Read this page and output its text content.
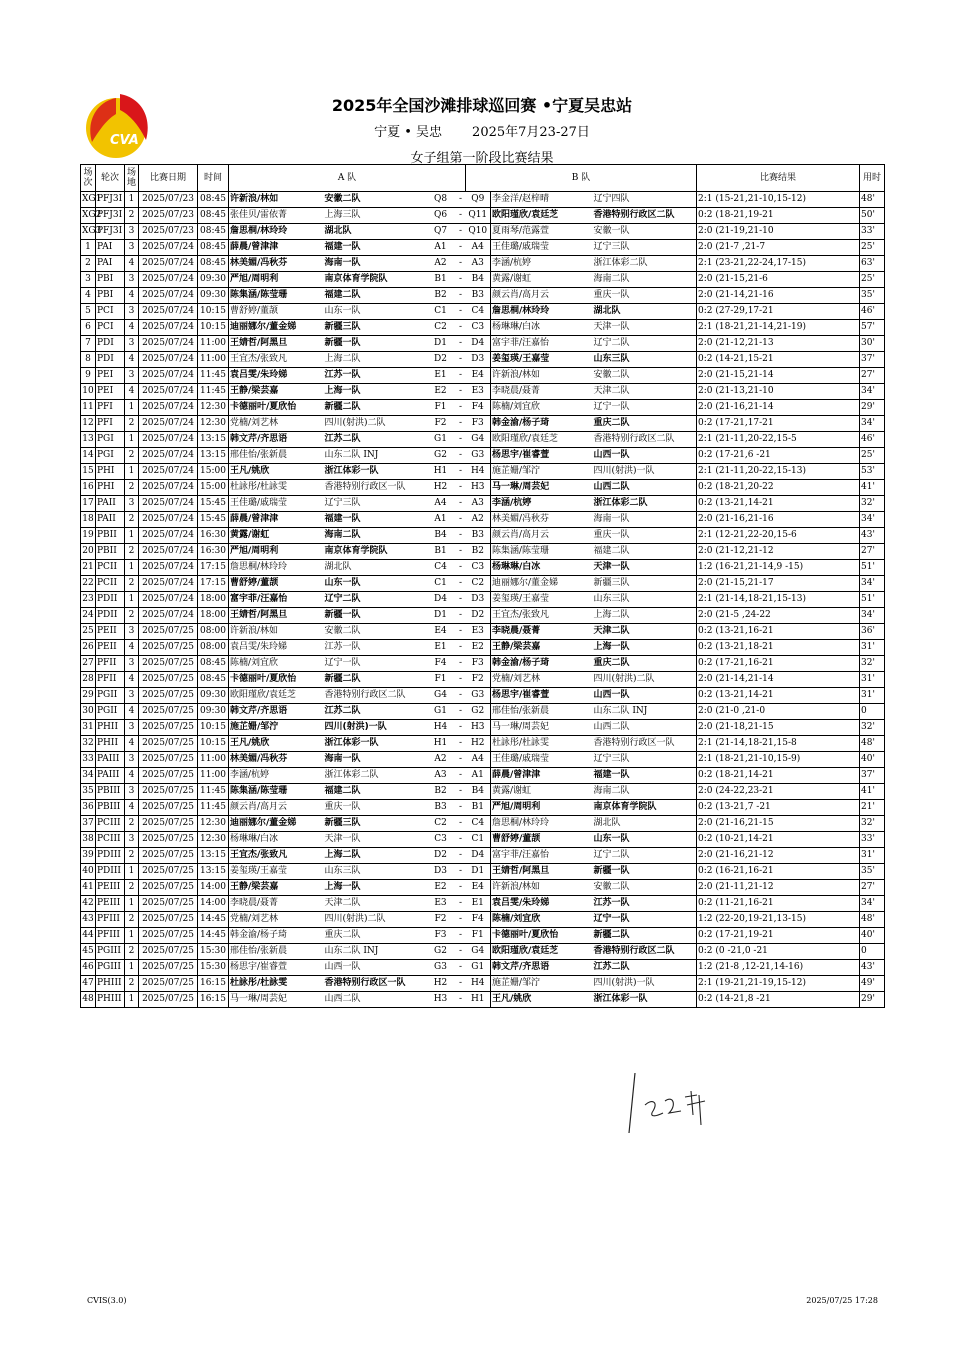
CVA
2025年全国沙滩排球巡回赛 •宁夏吴忠站
宁夏 • 吴忠 2025年7月23-27日
女子组第一阶段比赛结果
场次	轮次	场地	比赛日期	时间	A 队				B 队			比赛结果	用时
XG1	PFJ3I	1	2025/07/23	08:45	许新浪/林如	安徽二队	Q8	-	Q9	李金洋/赵梓晴	辽宁四队	2:1 (15-21,21-10,15-12)	48'
XG2	PFJ3I	2	2025/07/23	08:45	张佳贝/雷依菁	上海三队	Q6	-	Q11	欧阳瑾欣/袁廷芝	香港特别行政区二队	0:2 (18-21,19-21	50'
XG3	PFJ3I	3	2025/07/23	08:45	詹思桐/林玲玲	湖北队	Q7	-	Q10	夏雨琴/范露萱	安徽一队	2:0 (21-19,21-10	33'
1	PAI	3	2025/07/24	08:45	薛晨/曾津津	福建一队	A1	-	A4	王佳璐/戚瑞莹	辽宁三队	2:0 (21-7 ,21-7	25'
2	PAI	4	2025/07/24	08:45	林美媚/冯秋芬	海南一队	A2	-	A3	李涵/杭婷	浙江体彩二队	2:1 (23-21,22-24,17-15)	63'
3	PBI	3	2025/07/24	09:30	严旭/周明利	南京体育学院队	B1	-	B4	黄露/谢虹	海南二队	2:0 (21-15,21-6	25'
4	PBI	4	2025/07/24	09:30	陈集涵/陈莹珊	福建二队	B2	-	B3	颜云肖/高月云	重庆一队	2:0 (21-14,21-16	35'
5	PCI	3	2025/07/24	10:15	曹舒婷/董颉	山东一队	C1	-	C4	詹思桐/林玲玲	湖北队	0:2 (27-29,17-21	46'
6	PCI	4	2025/07/24	10:15	迪丽娜尔/董金娣	新疆三队	C2	-	C3	杨琳琳/白冰	天津一队	2:1 (18-21,21-14,21-19)	57'
7	PDI	3	2025/07/24	11:00	王婧哲/阿黑旦	新疆一队	D1	-	D4	富宇菲/汪嘉怡	辽宁二队	2:0 (21-12,21-13	30'
8	PDI	4	2025/07/24	11:00	王宜杰/张致凡	上海二队	D2	-	D3	姜玺瑛/王嘉莹	山东三队	0:2 (14-21,15-21	37'
9	PEI	3	2025/07/24	11:45	袁吕雯/朱玲娣	江苏一队	E1	-	E4	许新浪/林如	安徽二队	2:0 (21-15,21-14	27'
10	PEI	4	2025/07/24	11:45	王静/梁芸嘉	上海一队	E2	-	E3	李晓晨/聂菁	天津二队	2:0 (21-13,21-10	34'
11	PFI	1	2025/07/24	12:30	卡德丽叶/夏欣怡	新疆二队	F1	-	F4	陈楠/刘宜欣	辽宁一队	2:0 (21-16,21-14	29'
12	PFI	2	2025/07/24	12:30	党楠/刘艺林	四川(射洪)二队	F2	-	F3	韩金渝/杨子琦	重庆二队	0:2 (17-21,17-21	34'
13	PGI	1	2025/07/24	13:15	韩文芹/齐思语	江苏二队	G1	-	G4	欧阳瑾欣/袁廷芝	香港特别行政区二队	2:1 (21-11,20-22,15-5	46'
14	PGI	2	2025/07/24	13:15	邢佳怡/张新晨	山东二队 INJ	G2	-	G3	杨思宇/崔睿萱	山西一队	0:2 (17-21,6 -21	25'
15	PHI	1	2025/07/24	15:00	王凡/姚欣	浙江体彩一队	H1	-	H4	施芷姗/邹泞	四川(射洪)一队	2:1 (21-11,20-22,15-13)	53'
16	PHI	2	2025/07/24	15:00	杜詠彤/杜詠雯	香港特别行政区一队	H2	-	H3	马一琳/周芸妃	山西二队	0:2 (18-21,20-22	41'
17	PAII	3	2025/07/24	15:45	王佳璐/戚瑞莹	辽宁三队	A4	-	A3	李涵/杭婷	浙江体彩二队	0:2 (13-21,14-21	32'
18	PAII	2	2025/07/24	15:45	薛晨/曾津津	福建一队	A1	-	A2	林美媚/冯秋芬	海南一队	2:0 (21-16,21-16	34'
19	PBII	1	2025/07/24	16:30	黄露/谢虹	海南二队	B4	-	B3	颜云肖/高月云	重庆一队	2:1 (12-21,22-20,15-6	43'
20	PBII	2	2025/07/24	16:30	严旭/周明利	南京体育学院队	B1	-	B2	陈集涵/陈莹珊	福建二队	2:0 (21-12,21-12	27'
21	PCII	1	2025/07/24	17:15	詹思桐/林玲玲	湖北队	C4	-	C3	杨琳琳/白冰	天津一队	1:2 (16-21,21-14,9 -15)	51'
22	PCII	2	2025/07/24	17:15	曹舒婷/董颉	山东一队	C1	-	C2	迪丽娜尔/董金娣	新疆三队	2:0 (21-15,21-17	34'
23	PDII	1	2025/07/24	18:00	富宇菲/汪嘉怡	辽宁二队	D4	-	D3	姜玺瑛/王嘉莹	山东三队	2:1 (21-14,18-21,15-13)	51'
24	PDII	2	2025/07/24	18:00	王婧哲/阿黑旦	新疆一队	D1	-	D2	王宜杰/张致凡	上海二队	2:0 (21-5 ,24-22	34'
25	PEII	3	2025/07/25	08:00	许新浪/林如	安徽二队	E4	-	E3	李晓晨/聂菁	天津二队	0:2 (13-21,16-21	36'
26	PEII	4	2025/07/25	08:00	袁吕雯/朱玲娣	江苏一队	E1	-	E2	王静/梁芸嘉	上海一队	0:2 (13-21,18-21	31'
27	PFII	3	2025/07/25	08:45	陈楠/刘宜欣	辽宁一队	F4	-	F3	韩金渝/杨子琦	重庆二队	0:2 (17-21,16-21	32'
28	PFII	4	2025/07/25	08:45	卡德丽叶/夏欣怡	新疆二队	F1	-	F2	党楠/刘艺林	四川(射洪)二队	2:0 (21-14,21-14	31'
29	PGII	3	2025/07/25	09:30	欧阳瑾欣/袁廷芝	香港特别行政区二队	G4	-	G3	杨思宇/崔睿萱	山西一队	0:2 (13-21,14-21	31'
30	PGII	4	2025/07/25	09:30	韩文芹/齐思语	江苏二队	G1	-	G2	邢佳怡/张新晨	山东二队 INJ	2:0 (21-0 ,21-0	0
31	PHII	3	2025/07/25	10:15	施芷姗/邹泞	四川(射洪)一队	H4	-	H3	马一琳/周芸妃	山西二队	2:0 (21-18,21-15	32'
32	PHII	4	2025/07/25	10:15	王凡/姚欣	浙江体彩一队	H1	-	H2	杜詠彤/杜詠雯	香港特别行政区一队	2:1 (21-14,18-21,15-8	48'
33	PAIII	3	2025/07/25	11:00	林美媚/冯秋芬	海南一队	A2	-	A4	王佳璐/戚瑞莹	辽宁三队	2:1 (18-21,21-10,15-9)	40'
34	PAIII	4	2025/07/25	11:00	李涵/杭婷	浙江体彩二队	A3	-	A1	薛晨/曾津津	福建一队	0:2 (18-21,14-21	37'
35	PBIII	3	2025/07/25	11:45	陈集涵/陈莹珊	福建二队	B2	-	B4	黄露/谢虹	海南二队	2:0 (24-22,23-21	41'
36	PBIII	4	2025/07/25	11:45	颜云肖/高月云	重庆一队	B3	-	B1	严旭/周明利	南京体育学院队	0:2 (13-21,7 -21	21'
37	PCIII	2	2025/07/25	12:30	迪丽娜尔/董金娣	新疆三队	C2	-	C4	詹思桐/林玲玲	湖北队	2:0 (21-16,21-15	32'
38	PCIII	3	2025/07/25	12:30	杨琳琳/白冰	天津一队	C3	-	C1	曹舒婷/董颉	山东一队	0:2 (10-21,14-21	33'
39	PDIII	2	2025/07/25	13:15	王宜杰/张致凡	上海二队	D2	-	D4	富宇菲/汪嘉怡	辽宁二队	2:0 (21-16,21-12	31'
40	PDIII	1	2025/07/25	13:15	姜玺瑛/王嘉莹	山东三队	D3	-	D1	王婧哲/阿黑旦	新疆一队	0:2 (16-21,16-21	35'
41	PEIII	2	2025/07/25	14:00	王静/梁芸嘉	上海一队	E2	-	E4	许新浪/林如	安徽二队	2:0 (21-11,21-12	27'
42	PEIII	1	2025/07/25	14:00	李晓晨/聂菁	天津二队	E3	-	E1	袁吕雯/朱玲娣	江苏一队	0:2 (11-21,16-21	34'
43	PFIII	2	2025/07/25	14:45	党楠/刘艺林	四川(射洪)二队	F2	-	F4	陈楠/刘宜欣	辽宁一队	1:2 (22-20,19-21,13-15)	48'
44	PFIII	1	2025/07/25	14:45	韩金渝/杨子琦	重庆二队	F3	-	F1	卡德丽叶/夏欣怡	新疆二队	0:2 (17-21,19-21	40'
45	PGIII	2	2025/07/25	15:30	邢佳怡/张新晨	山东二队 INJ	G2	-	G4	欧阳瑾欣/袁廷芝	香港特别行政区二队	0:2 (0 -21,0 -21	0
46	PGIII	1	2025/07/25	15:30	杨思宇/崔睿萱	山西一队	G3	-	G1	韩文芹/齐思语	江苏二队	1:2 (21-8 ,12-21,14-16)	43'
47	PHIII	2	2025/07/25	16:15	杜詠彤/杜詠雯	香港特别行政区一队	H2	-	H4	施芷姗/邹泞	四川(射洪)一队	2:1 (19-21,21-19,15-12)	49'
48	PHIII	1	2025/07/25	16:15	马一琳/周芸妃	山西二队	H3	-	H1	王凡/姚欣	浙江体彩一队	0:2 (14-21,8 -21	29'
CVIS(3.0)	2025/07/25 17:28
